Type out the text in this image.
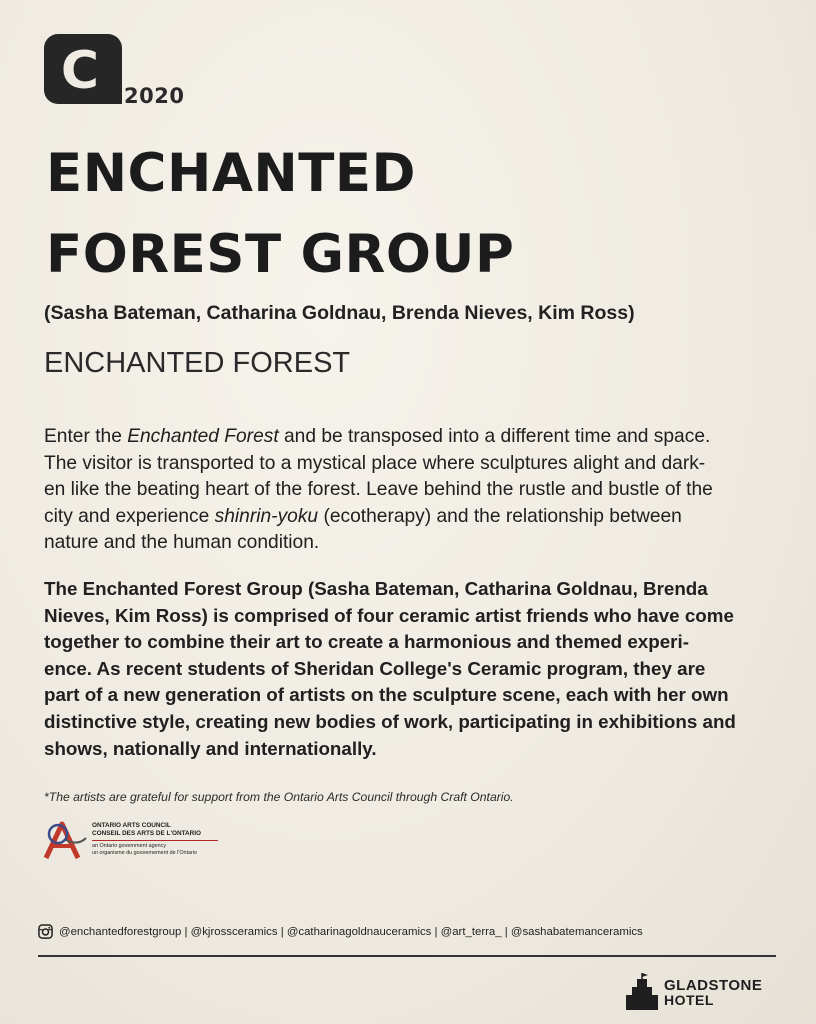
C 2020
ENCHANTED
FOREST GROUP
(Sasha Bateman, Catharina Goldnau, Brenda Nieves, Kim Ross)
ENCHANTED FOREST
Enter the Enchanted Forest and be transposed into a different time and space.
The visitor is transported to a mystical place where sculptures alight and dark-
en like the beating heart of the forest. Leave behind the rustle and bustle of the
city and experience shinrin-yoku (ecotherapy) and the relationship between
nature and the human condition.
The Enchanted Forest Group (Sasha Bateman, Catharina Goldnau, Brenda
Nieves, Kim Ross) is comprised of four ceramic artist friends who have come
together to combine their art to create a harmonious and themed experi-
ence. As recent students of Sheridan College's Ceramic program, they are
part of a new generation of artists on the sculpture scene, each with her own
distinctive style, creating new bodies of work, participating in exhibitions and
shows, nationally and internationally.
*The artists are grateful for support from the Ontario Arts Council through Craft Ontario.
ONTARIO ARTS COUNCIL
CONSEIL DES ARTS DE L'ONTARIO
an Ontario government agency
un organisme du gouvernement de l'Ontario
@enchantedforestgroup | @kjrossceramics | @catharinagoldnauceramics | @art_terra_ | @sashabatemanceramics
GLADSTONE
HOTEL
